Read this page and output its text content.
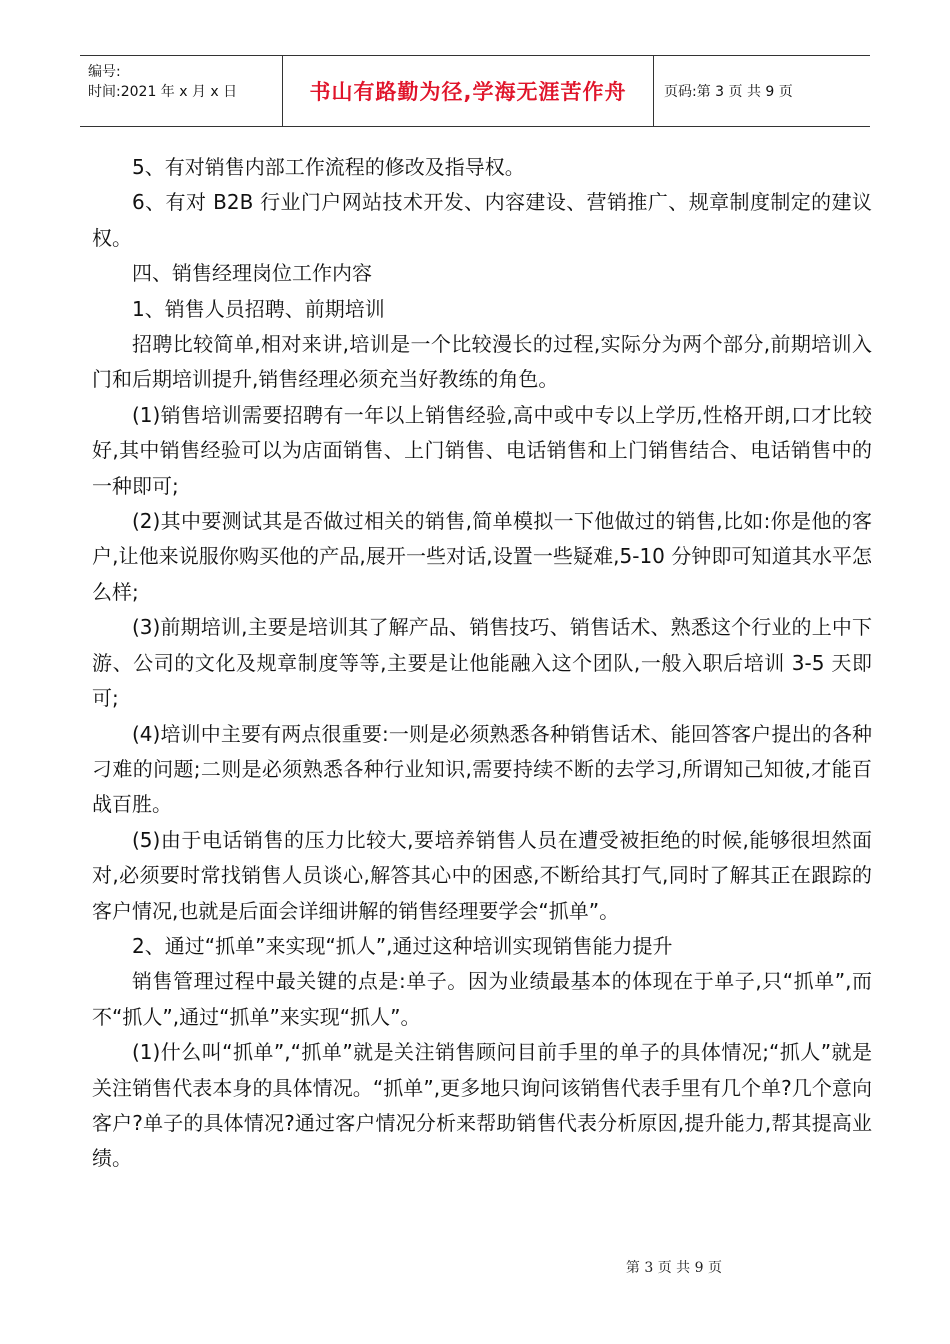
编号:
时间:2021 年 x 月 x 日	书山有路勤为径,学海无涯苦作舟	页码:第 3 页 共 9 页

5、有对销售内部工作流程的修改及指导权。

6、有对 B2B 行业门户网站技术开发、内容建设、营销推广、规章制度制定的建议权。

四、销售经理岗位工作内容

1、销售人员招聘、前期培训

招聘比较简单,相对来讲,培训是一个比较漫长的过程,实际分为两个部分,前期培训入门和后期培训提升,销售经理必须充当好教练的角色。

(1)销售培训需要招聘有一年以上销售经验,高中或中专以上学历,性格开朗,口才比较好,其中销售经验可以为店面销售、上门销售、电话销售和上门销售结合、电话销售中的一种即可;

(2)其中要测试其是否做过相关的销售,简单模拟一下他做过的销售,比如:你是他的客户,让他来说服你购买他的产品,展开一些对话,设置一些疑难,5-10 分钟即可知道其水平怎么样;

(3)前期培训,主要是培训其了解产品、销售技巧、销售话术、熟悉这个行业的上中下游、公司的文化及规章制度等等,主要是让他能融入这个团队,一般入职后培训 3-5 天即可;

(4)培训中主要有两点很重要:一则是必须熟悉各种销售话术、能回答客户提出的各种刁难的问题;二则是必须熟悉各种行业知识,需要持续不断的去学习,所谓知己知彼,才能百战百胜。

(5)由于电话销售的压力比较大,要培养销售人员在遭受被拒绝的时候,能够很坦然面对,必须要时常找销售人员谈心,解答其心中的困惑,不断给其打气,同时了解其正在跟踪的客户情况,也就是后面会详细讲解的销售经理要学会“抓单”。

2、通过“抓单”来实现“抓人”,通过这种培训实现销售能力提升

销售管理过程中最关键的点是:单子。因为业绩最基本的体现在于单子,只“抓单”,而不“抓人”,通过“抓单”来实现“抓人”。

(1)什么叫“抓单”,“抓单”就是关注销售顾问目前手里的单子的具体情况;“抓人”就是关注销售代表本身的具体情况。“抓单”,更多地只询问该销售代表手里有几个单?几个意向客户?单子的具体情况?通过客户情况分析来帮助销售代表分析原因,提升能力,帮其提高业绩。

第 3 页 共 9 页
